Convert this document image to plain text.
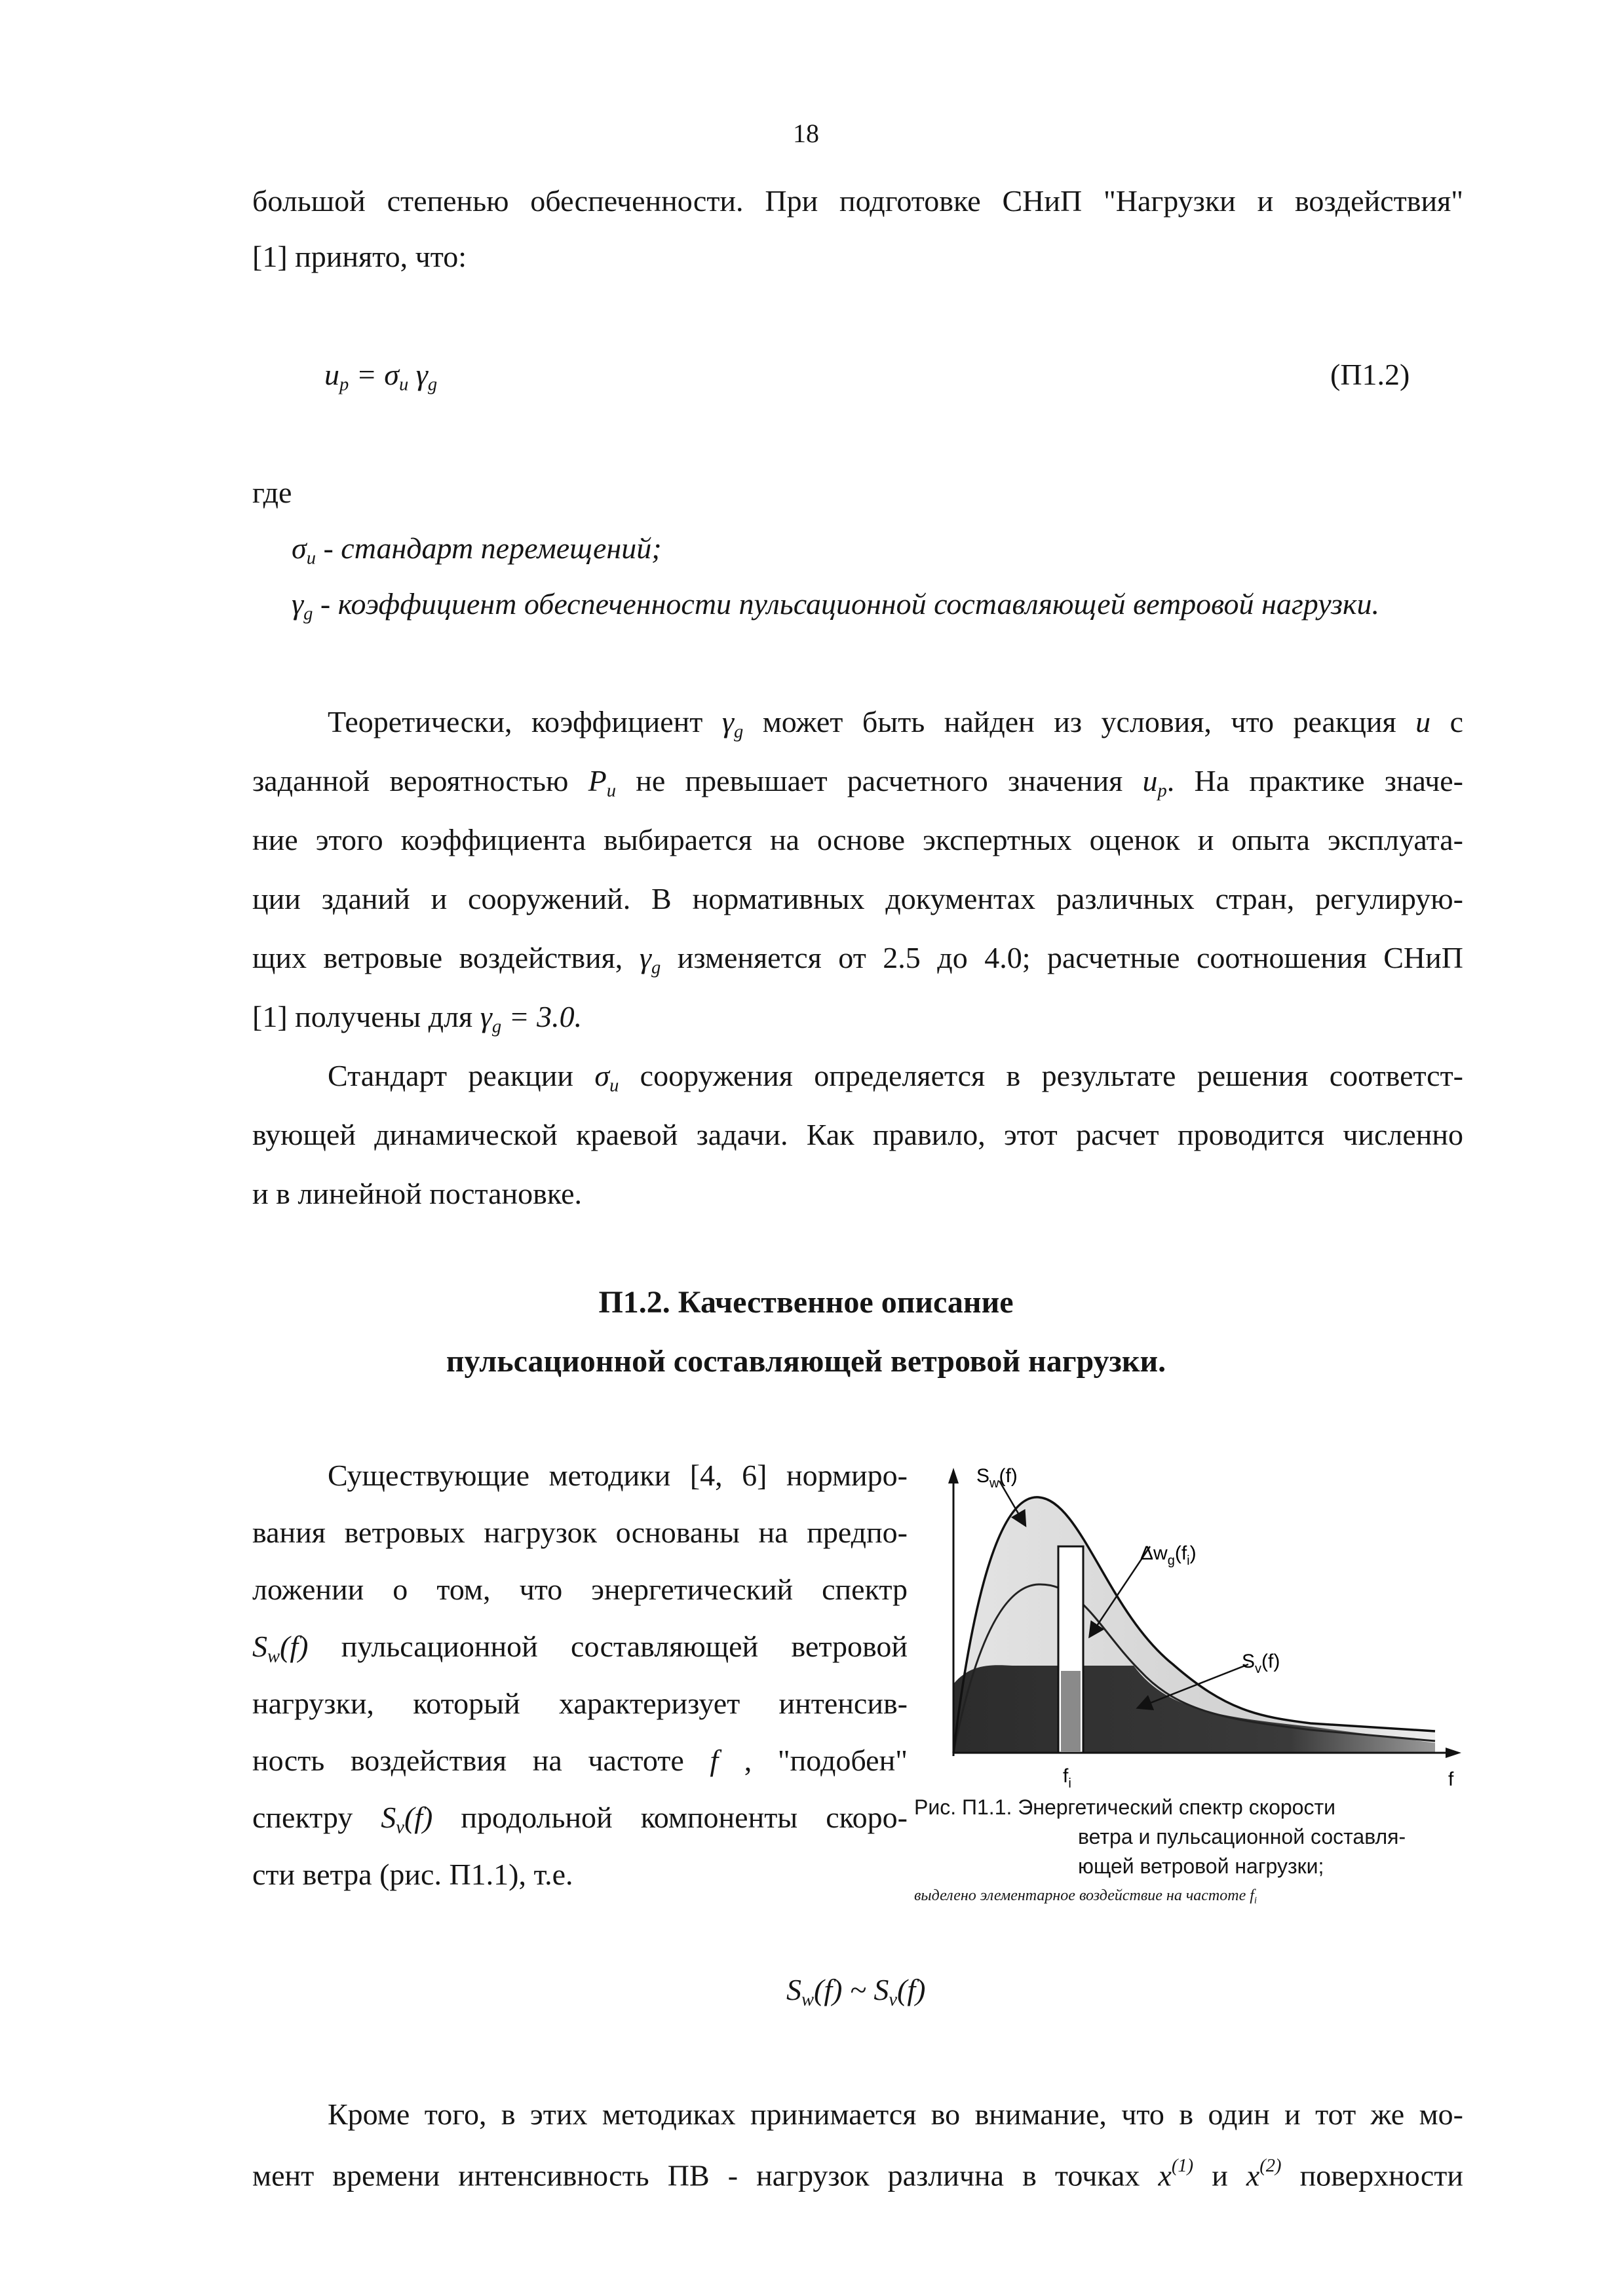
18
большой степенью обеспеченности. При подготовке СНиП "Нагрузки и воздействия"
[1] принято, что:
$u_p = \sigma_u$ $\gamma_g$	(П1.2)
где
$\sigma_u$ - стандарт перемещений;
$\gamma_g$ - коэффициент обеспеченности пульсационной составляющей ветровой нагрузки.
Теоретически, коэффициент $\gamma_g$ может быть найден из условия, что реакция u с
заданной вероятностью $P_u$ не превышает расчетного значения $u_p$. На практике значе-
ние этого коэффициента выбирается на основе экспертных оценок и опыта эксплуата-
ции зданий и сооружений. В нормативных документах различных стран, регулирую-
щих ветровые воздействия, $\gamma_g$ изменяется от 2.5 до 4.0; расчетные соотношения СНиП
[1] получены для $\gamma_g = 3.0$.
Стандарт реакции $\sigma_u$ сооружения определяется в результате решения соответст-
вующей динамической краевой задачи. Как правило, этот расчет проводится численно
и в линейной постановке.
П1.2. Качественное описание
пульсационной составляющей ветровой нагрузки.
Существующие методики [4, 6] нормиро-
вания ветровых нагрузок основаны на предпо-
ложении о том, что энергетический спектр
$S_w(f)$ пульсационной составляющей ветровой
нагрузки, который характеризует интенсив-
ность воздействия на частоте f , "подобен"
спектру $S_v(f)$ продольной компоненты скоро-
сти ветра (рис. П1.1), т.е.
$S_w(f)$
$\Delta w_g(f_i)$
$S_v(f)$
$f_i$	f
Рис. П1.1. Энергетический спектр скорости
ветра и пульсационной составля-
ющей ветровой нагрузки;
выделено элементарное воздействие на частоте $f_i$
$S_w(f)$ ~ $S_v(f)$
Кроме того, в этих методиках принимается во внимание, что в один и тот же мо-
мент времени интенсивность ПВ - нагрузок различна в точках $x^{(1)}$ и $x^{(2)}$ поверхности
